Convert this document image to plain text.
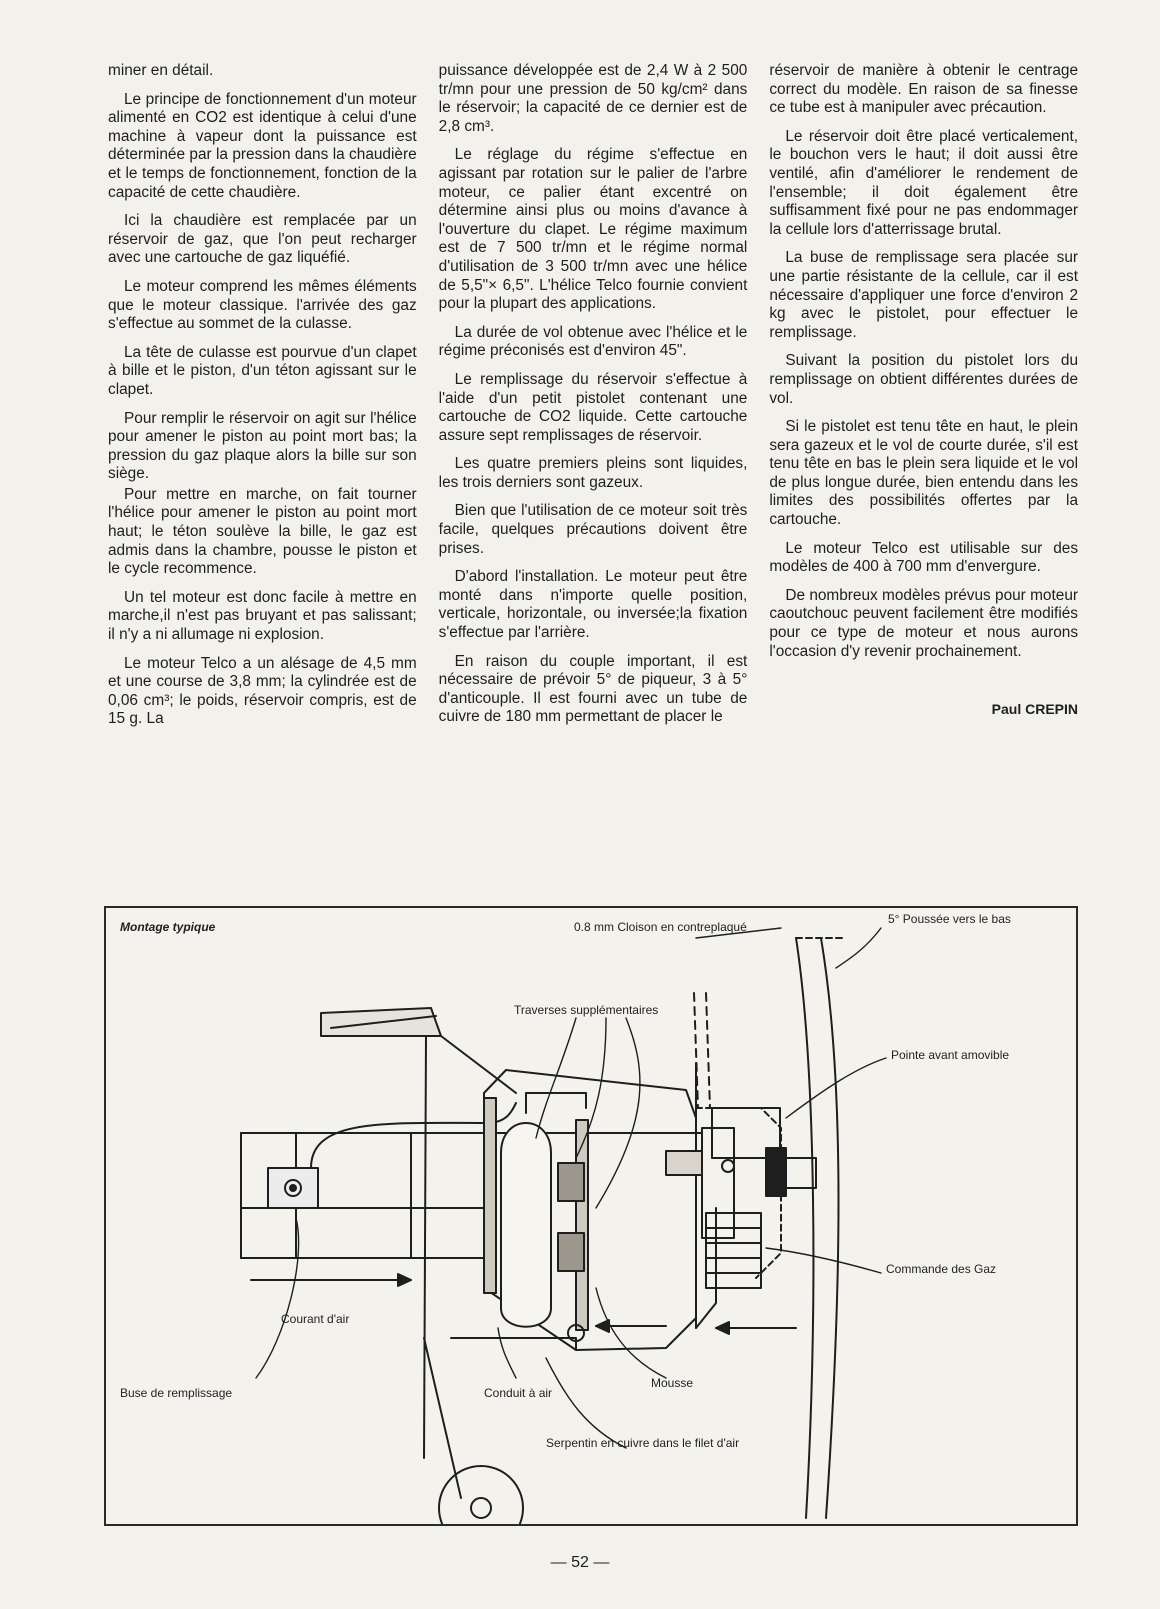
miner en détail.

Le principe de fonctionnement d'un moteur alimenté en CO2 est identique à celui d'une machine à vapeur dont la puissance est déterminée par la pression dans la chaudière et le temps de fonctionnement, fonction de la capacité de cette chaudière.

Ici la chaudière est remplacée par un réservoir de gaz, que l'on peut recharger avec une cartouche de gaz liquéfié.

Le moteur comprend les mêmes éléments que le moteur classique. l'arrivée des gaz s'effectue au sommet de la culasse.

La tête de culasse est pourvue d'un clapet à bille et le piston, d'un téton agissant sur le clapet.

Pour remplir le réservoir on agit sur l'hélice pour amener le piston au point mort bas; la pression du gaz plaque alors la bille sur son siège.

Pour mettre en marche, on fait tourner l'hélice pour amener le piston au point mort haut; le téton soulève la bille, le gaz est admis dans la chambre, pousse le piston et le cycle recommence.

Un tel moteur est donc facile à mettre en marche,il n'est pas bruyant et pas salissant; il n'y a ni allumage ni explosion.

Le moteur Telco a un alésage de 4,5 mm et une course de 3,8 mm; la cylindrée est de 0,06 cm³; le poids, réservoir compris, est de 15 g. La

puissance développée est de 2,4 W à 2 500 tr/mn pour une pression de 50 kg/cm² dans le réservoir; la capacité de ce dernier est de 2,8 cm³.

Le réglage du régime s'effectue en agissant par rotation sur le palier de l'arbre moteur, ce palier étant excentré on détermine ainsi plus ou moins d'avance à l'ouverture du clapet. Le régime maximum est de 7 500 tr/mn et le régime normal d'utilisation de 3 500 tr/mn avec une hélice de 5,5"× 6,5". L'hélice Telco fournie convient pour la plupart des applications.

La durée de vol obtenue avec l'hélice et le régime préconisés est d'environ 45".

Le remplissage du réservoir s'effectue à l'aide d'un petit pistolet contenant une cartouche de CO2 liquide. Cette cartouche assure sept remplissages de réservoir.

Les quatre premiers pleins sont liquides, les trois derniers sont gazeux.

Bien que l'utilisation de ce moteur soit très facile, quelques précautions doivent être prises.

D'abord l'installation. Le moteur peut être monté dans n'importe quelle position, verticale, horizontale, ou inversée;la fixation s'effectue par l'arrière.

En raison du couple important, il est nécessaire de prévoir 5° de piqueur, 3 à 5° d'anticouple. Il est fourni avec un tube de cuivre de 180 mm permettant de placer le

réservoir de manière à obtenir le centrage correct du modèle. En raison de sa finesse ce tube est à manipuler avec précaution.

Le réservoir doit être placé verticalement, le bouchon vers le haut; il doit aussi être ventilé, afin d'améliorer le rendement de l'ensemble; il doit également être suffisamment fixé pour ne pas endommager la cellule lors d'atterrissage brutal.

La buse de remplissage sera placée sur une partie résistante de la cellule, car il est nécessaire d'appliquer une force d'environ 2 kg avec le pistolet, pour effectuer le remplissage.

Suivant la position du pistolet lors du remplissage on obtient différentes durées de vol.

Si le pistolet est tenu tête en haut, le plein sera gazeux et le vol de courte durée, s'il est tenu tête en bas le plein sera liquide et le vol de plus longue durée, bien entendu dans les limites des possibilités offertes par la cartouche.

Le moteur Telco est utilisable sur des modèles de 400 à 700 mm d'envergure.

De nombreux modèles prévus pour moteur caoutchouc peuvent facilement être modifiés pour ce type de moteur et nous aurons l'occasion d'y revenir prochainement.

Paul CREPIN
Montage typique	0.8 mm Cloison en contreplaqué
5° Poussée vers le bas
Traverses supplémentaires
Pointe avant amovible
Commande des Gaz
Courant d'air
Buse de remplissage	Conduit à air
Mousse
Serpentin en cuivre dans le filet d'air
— 52 —
